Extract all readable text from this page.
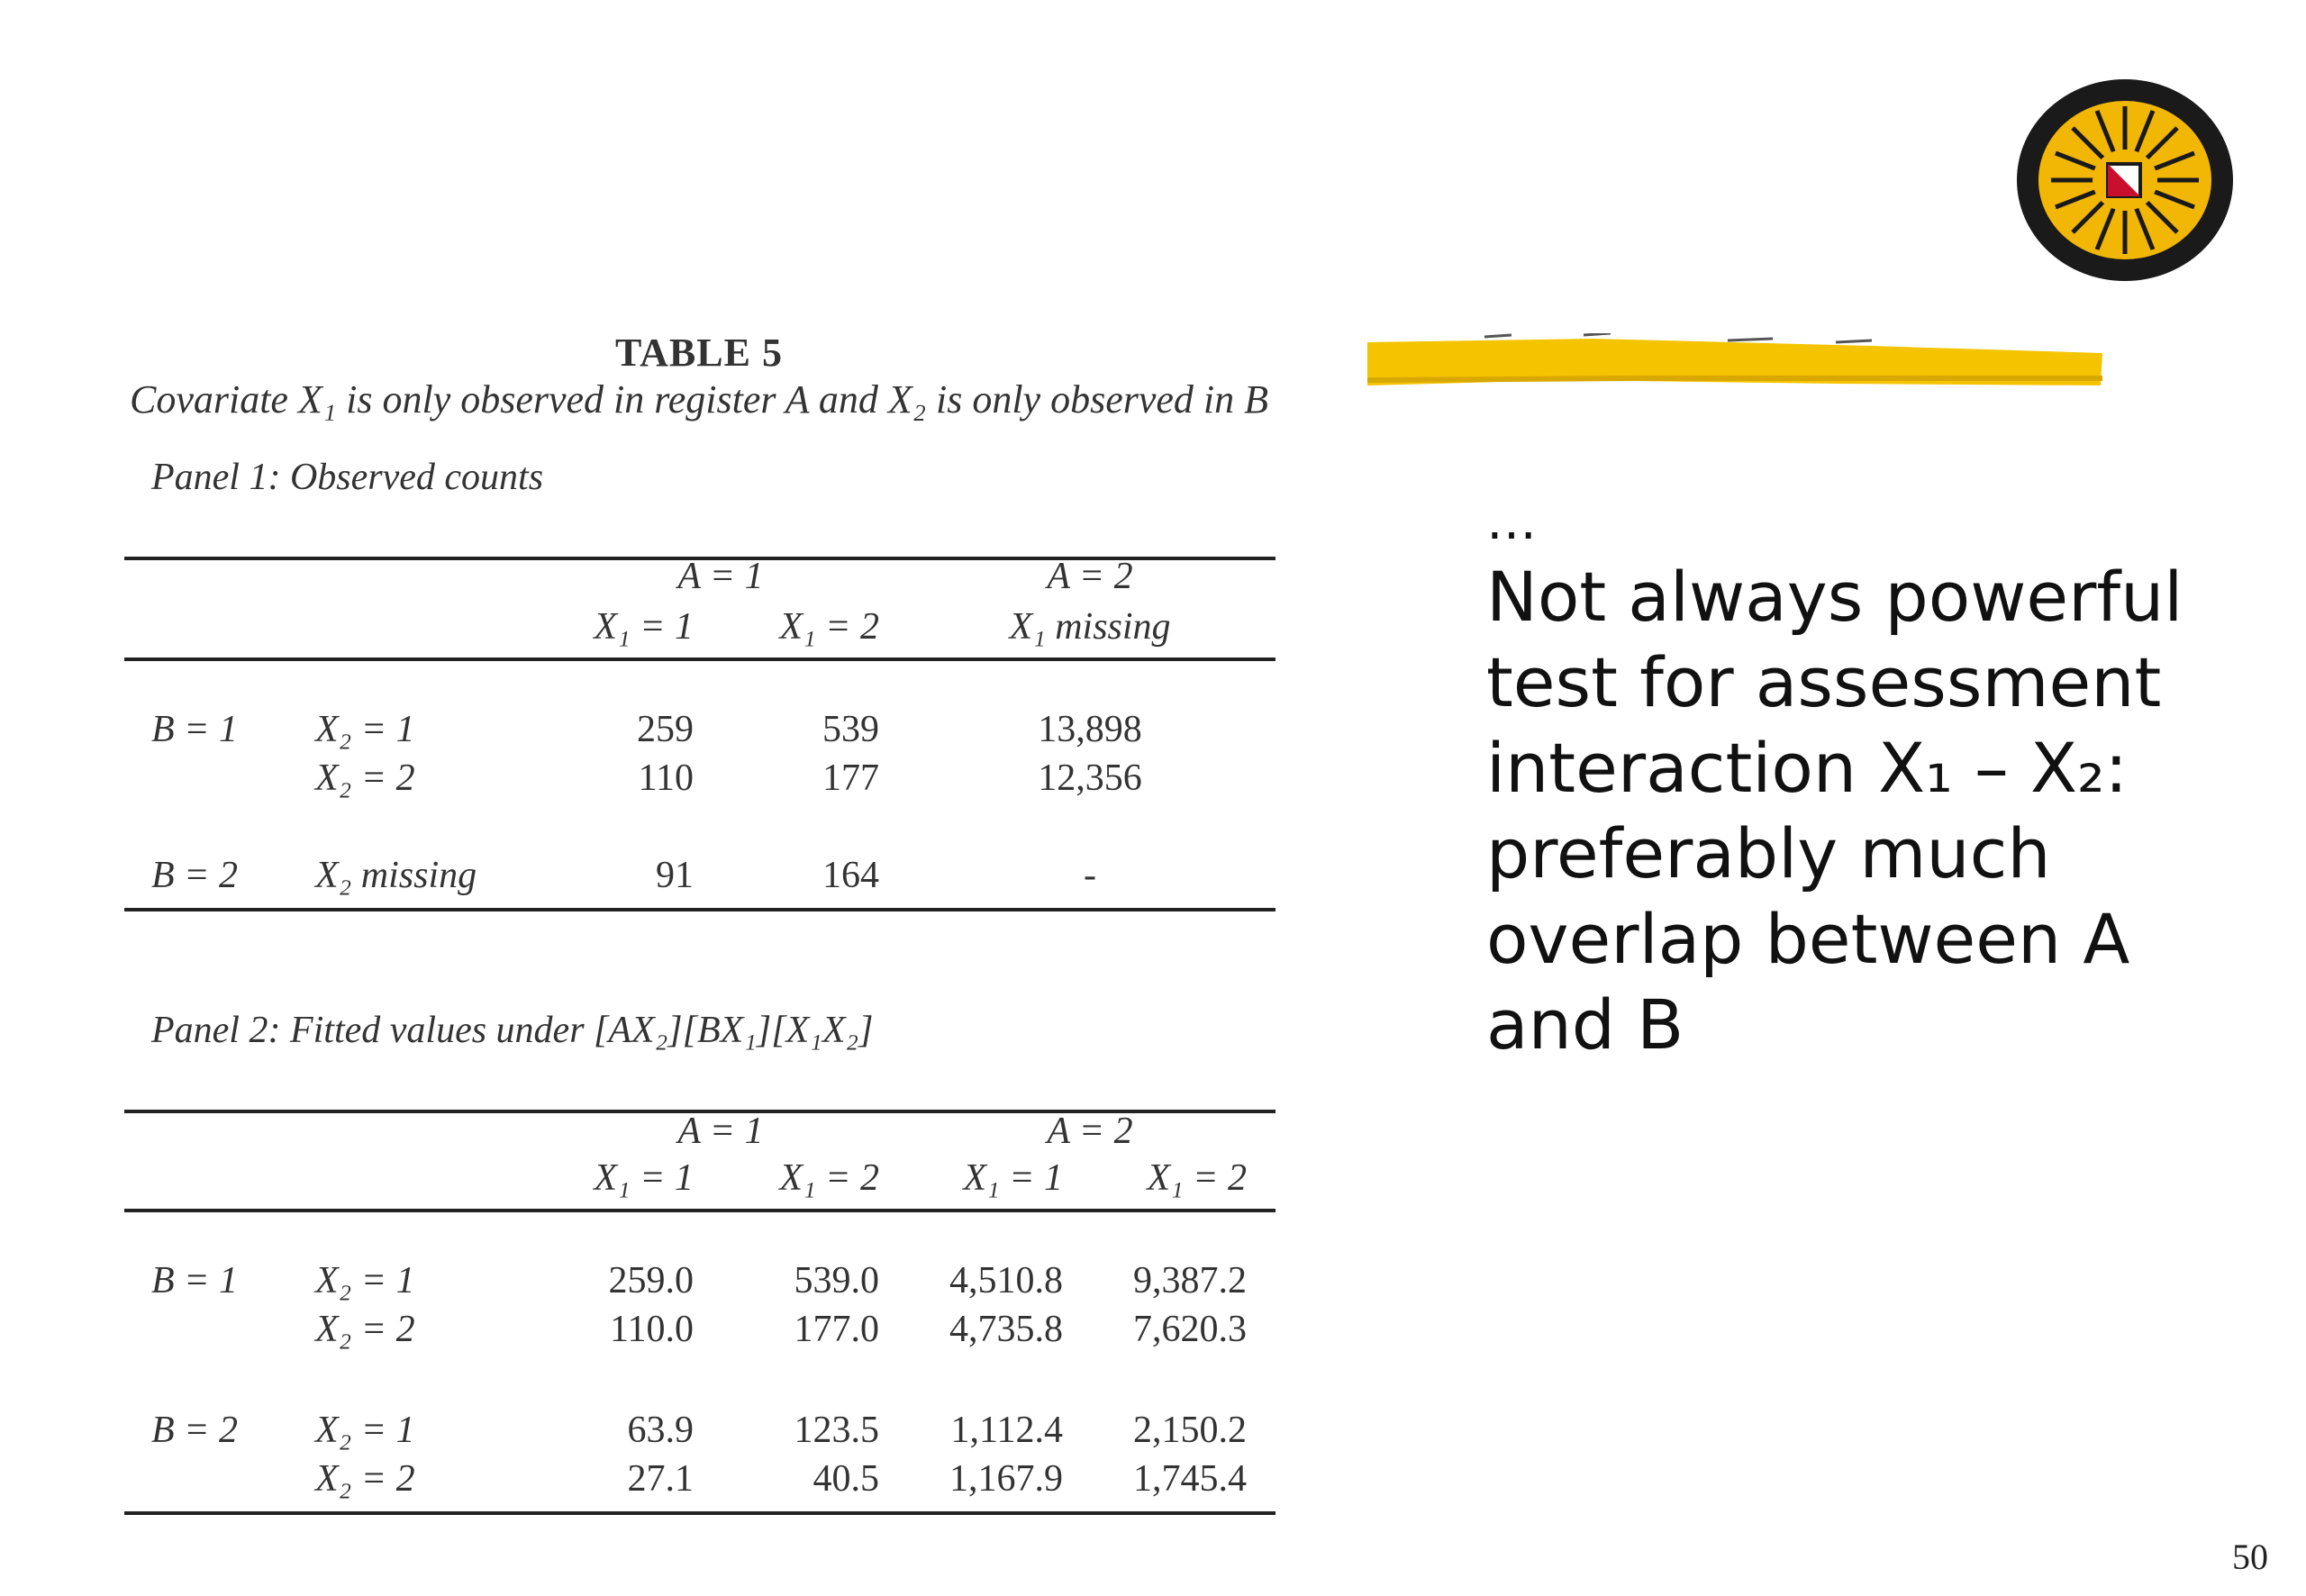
TABLE 5
Covariate X₁ is only observed in register A and X₂ is only observed in B
Panel 1: Observed counts
A = 1	A = 2
X₁ = 1	X₁ = 2	X₁ missing
B = 1 X₂ = 1	259	539	13,898
X₂ = 2	110	177	12,356
B = 2 X₂ missing	91	164	-
Panel 2: Fitted values under [AX₂][BX₁][X₁X₂]
A = 1	A = 2
X₁ = 1	X₁ = 2	X₁ = 1	X₁ = 2
B = 1 X₂ = 1	259.0	539.0	4,510.8	9,387.2
X₂ = 2	110.0	177.0	4,735.8	7,620.3
B = 2 X₂ = 1	63.9	123.5	1,112.4	2,150.2
X₂ = 2	27.1	40.5	1,167.9	1,745.4
…
Not always powerful
test for assessment
interaction X₁ – X₂:
preferably much
overlap between A
and B
50
